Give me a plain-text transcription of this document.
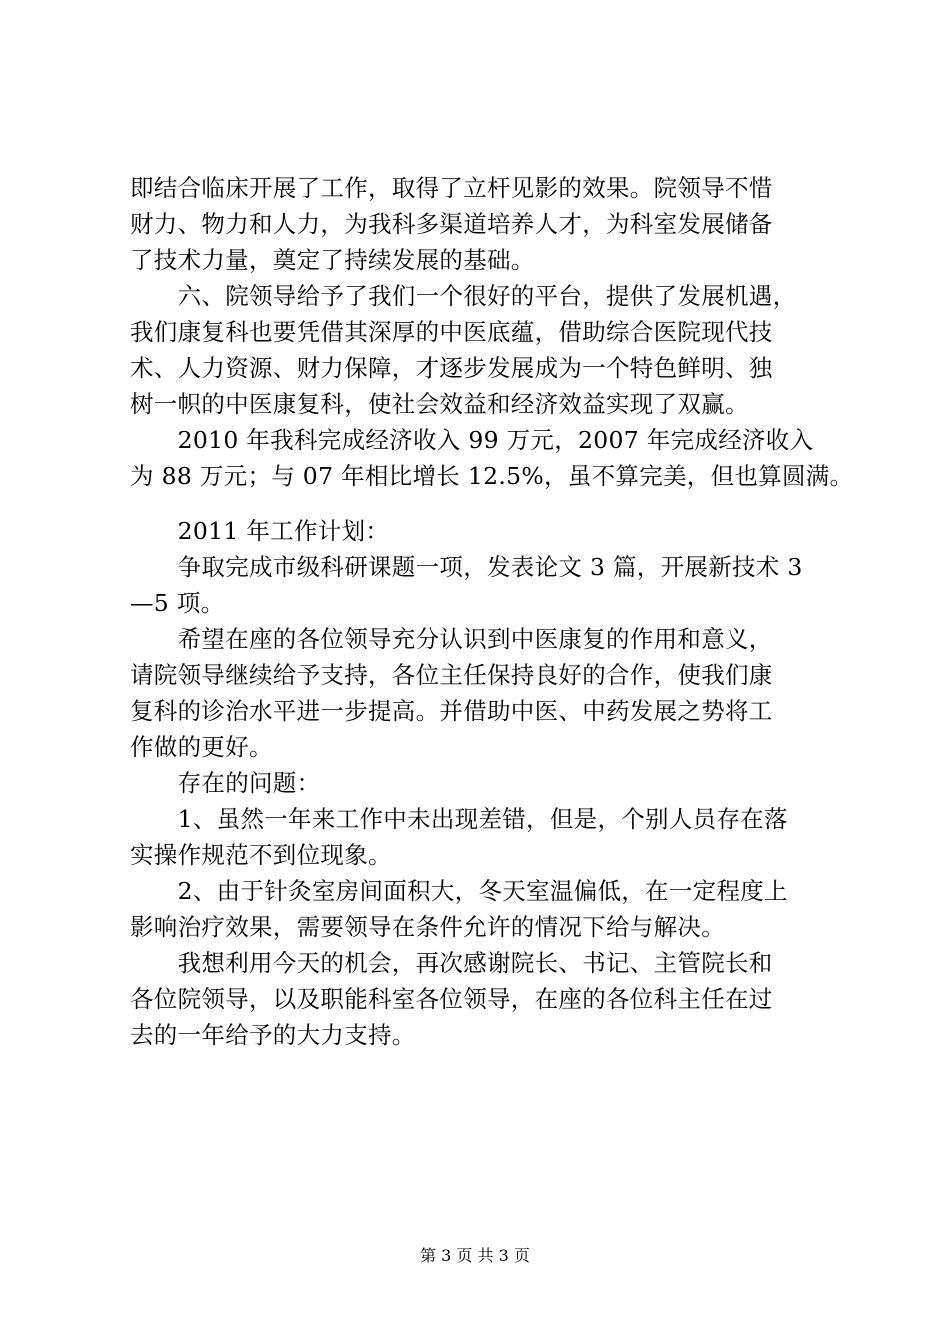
即结合临床开展了工作，取得了立杆见影的效果。院领导不惜
财力、物力和人力，为我科多渠道培养人才，为科室发展储备
了技术力量，奠定了持续发展的基础。
　　六、院领导给予了我们一个很好的平台，提供了发展机遇，
我们康复科也要凭借其深厚的中医底蕴，借助综合医院现代技
术、人力资源、财力保障，才逐步发展成为一个特色鲜明、独
树一帜的中医康复科，使社会效益和经济效益实现了双赢。
　　2010 年我科完成经济收入 99 万元，2007 年完成经济收入
为 88 万元；与 07 年相比增长 12.5%，虽不算完美，但也算圆满。
　　2011 年工作计划：
　　争取完成市级科研课题一项，发表论文 3 篇，开展新技术 3
—5 项。
　　希望在座的各位领导充分认识到中医康复的作用和意义，
请院领导继续给予支持，各位主任保持良好的合作，使我们康
复科的诊治水平进一步提高。并借助中医、中药发展之势将工
作做的更好。
　　存在的问题：
　　1、虽然一年来工作中未出现差错，但是，个别人员存在落
实操作规范不到位现象。
　　2、由于针灸室房间面积大，冬天室温偏低，在一定程度上
影响治疗效果，需要领导在条件允许的情况下给与解决。
　　我想利用今天的机会，再次感谢院长、书记、主管院长和
各位院领导，以及职能科室各位领导，在座的各位科主任在过
去的一年给予的大力支持。
第 3 页 共 3 页
